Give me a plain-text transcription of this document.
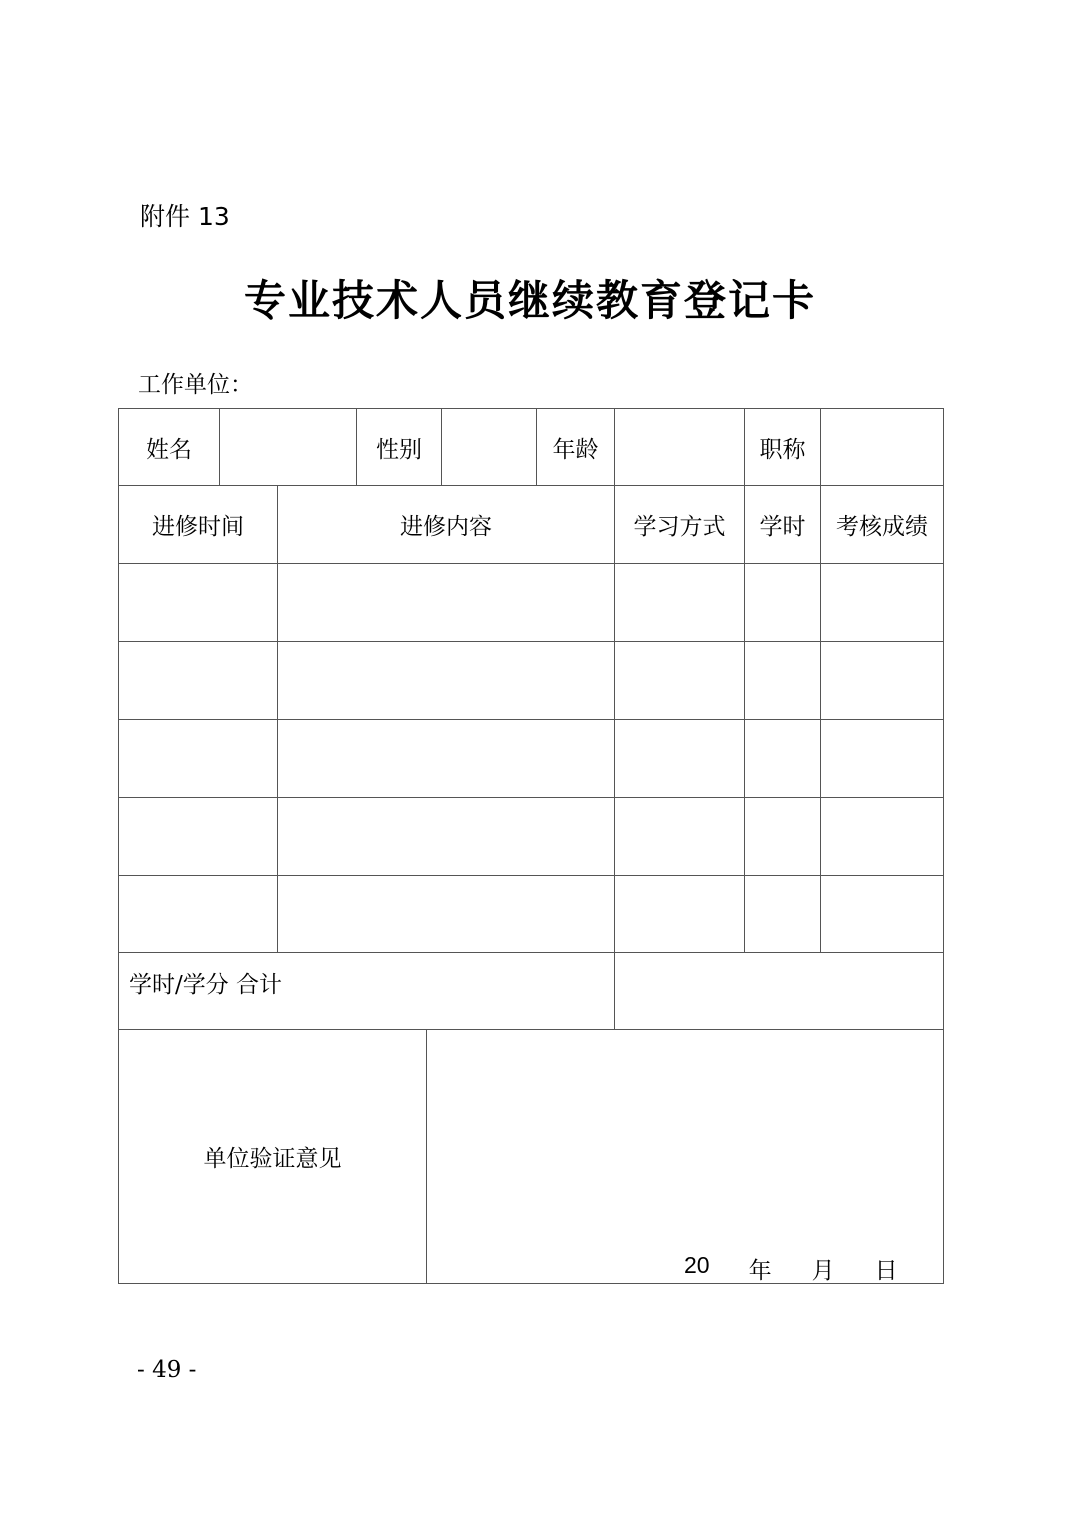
附件 13
专业技术人员继续教育登记卡
工作单位：
姓名	性别	年龄	职称
进修时间	进修内容	学习方式	学时	考核成绩
学时/学分 合计
单位验证意见
20 年 月 日
- 49 -
